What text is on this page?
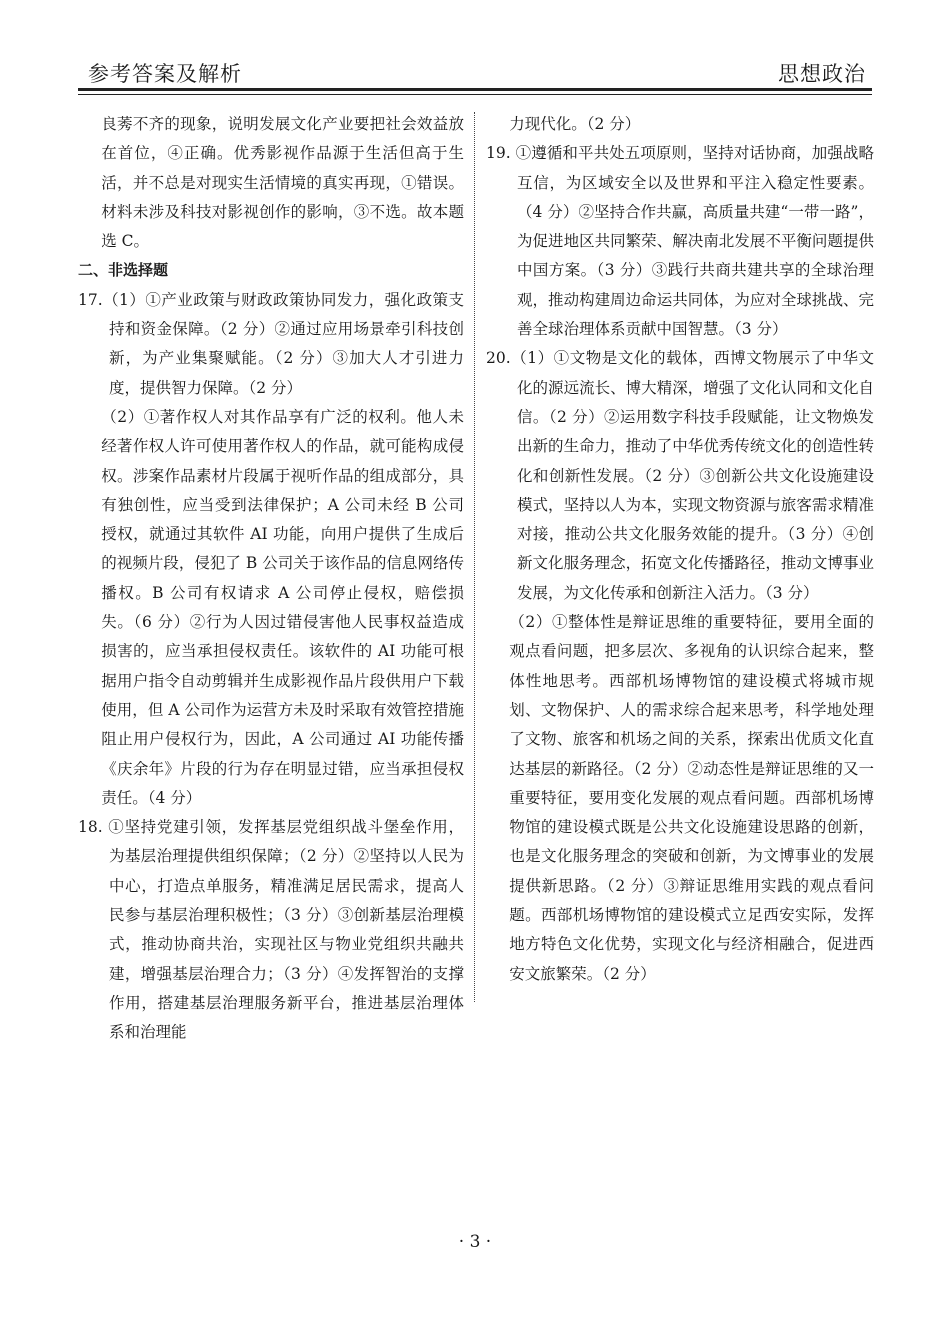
参考答案及解析	思想政治

良莠不齐的现象，说明发展文化产业要把社会效益放在首位，④正确。优秀影视作品源于生活但高于生活，并不总是对现实生活情境的真实再现，①错误。材料未涉及科技对影视创作的影响，③不选。故本题选 C。

二、非选择题

17.（1）①产业政策与财政政策协同发力，强化政策支持和资金保障。（2 分）②通过应用场景牵引科技创新，为产业集聚赋能。（2 分）③加大人才引进力度，提供智力保障。（2 分）

（2）①著作权人对其作品享有广泛的权利。他人未经著作权人许可使用著作权人的作品，就可能构成侵权。涉案作品素材片段属于视听作品的组成部分，具有独创性，应当受到法律保护；A 公司未经 B 公司授权，就通过其软件 AI 功能，向用户提供了生成后的视频片段，侵犯了 B 公司关于该作品的信息网络传播权。B 公司有权请求 A 公司停止侵权，赔偿损失。（6 分）②行为人因过错侵害他人民事权益造成损害的，应当承担侵权责任。该软件的 AI 功能可根据用户指令自动剪辑并生成影视作品片段供用户下载使用，但 A 公司作为运营方未及时采取有效管控措施阻止用户侵权行为，因此，A 公司通过 AI 功能传播《庆余年》片段的行为存在明显过错，应当承担侵权责任。（4 分）

18. ①坚持党建引领，发挥基层党组织战斗堡垒作用，为基层治理提供组织保障；（2 分）②坚持以人民为中心，打造点单服务，精准满足居民需求，提高人民参与基层治理积极性；（3 分）③创新基层治理模式，推动协商共治，实现社区与物业党组织共融共建，增强基层治理合力；（3 分）④发挥智治的支撑作用，搭建基层治理服务新平台，推进基层治理体系和治理能

力现代化。（2 分）

19. ①遵循和平共处五项原则，坚持对话协商，加强战略互信，为区域安全以及世界和平注入稳定性要素。（4 分）②坚持合作共赢，高质量共建“一带一路”，为促进地区共同繁荣、解决南北发展不平衡问题提供中国方案。（3 分）③践行共商共建共享的全球治理观，推动构建周边命运共同体，为应对全球挑战、完善全球治理体系贡献中国智慧。（3 分）

20.（1）①文物是文化的载体，西博文物展示了中华文化的源远流长、博大精深，增强了文化认同和文化自信。（2 分）②运用数字科技手段赋能，让文物焕发出新的生命力，推动了中华优秀传统文化的创造性转化和创新性发展。（2 分）③创新公共文化设施建设模式，坚持以人为本，实现文物资源与旅客需求精准对接，推动公共文化服务效能的提升。（3 分）④创新文化服务理念，拓宽文化传播路径，推动文博事业发展，为文化传承和创新注入活力。（3 分）

（2）①整体性是辩证思维的重要特征，要用全面的观点看问题，把多层次、多视角的认识综合起来，整体性地思考。西部机场博物馆的建设模式将城市规划、文物保护、人的需求综合起来思考，科学地处理了文物、旅客和机场之间的关系，探索出优质文化直达基层的新路径。（2 分）②动态性是辩证思维的又一重要特征，要用变化发展的观点看问题。西部机场博物馆的建设模式既是公共文化设施建设思路的创新，也是文化服务理念的突破和创新，为文博事业的发展提供新思路。（2 分）③辩证思维用实践的观点看问题。西部机场博物馆的建设模式立足西安实际，发挥地方特色文化优势，实现文化与经济相融合，促进西安文旅繁荣。（2 分）

· 3 ·
